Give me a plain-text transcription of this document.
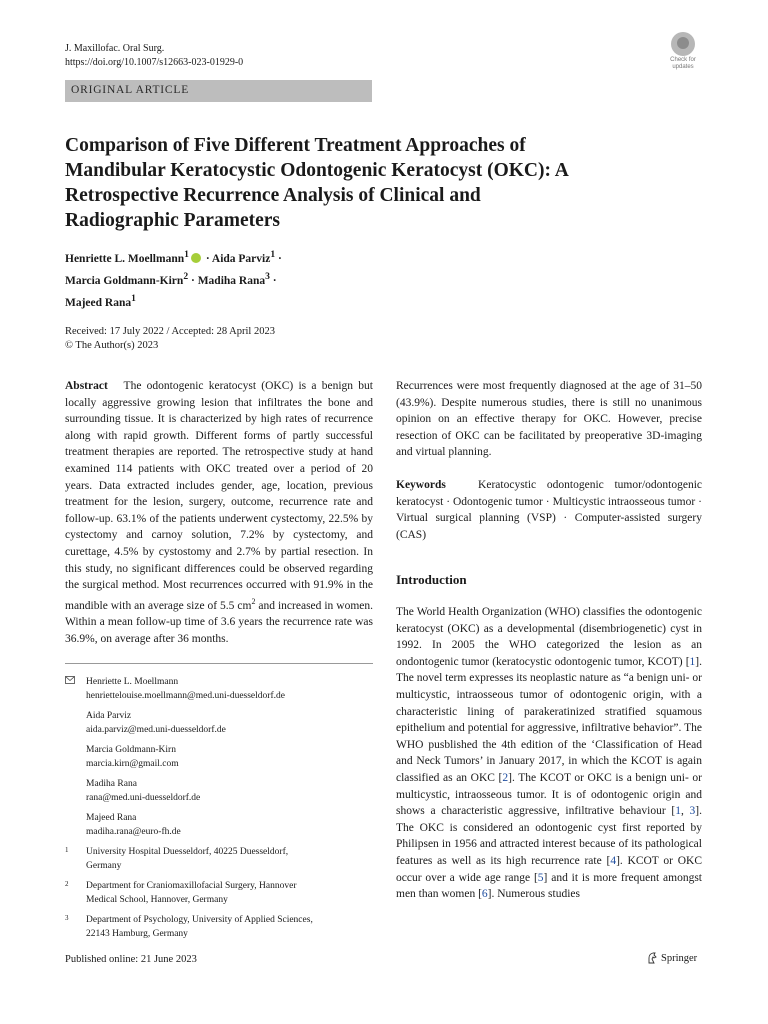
J. Maxillofac. Oral Surg.
https://doi.org/10.1007/s12663-023-01929-0	Check for
updates
ORIGINAL ARTICLE
Comparison of Five Different Treatment Approaches of Mandibular Keratocystic Odontogenic Keratocyst (OKC): A Retrospective Recurrence Analysis of Clinical and Radiographic Parameters
Henriette L. Moellmann$^1$ · Aida Parviz$^1$ ·
Marcia Goldmann-Kirn$^2$ · Madiha Rana$^3$ ·
Majeed Rana$^1$
Received: 17 July 2022 / Accepted: 28 April 2023
© The Author(s) 2023

Abstract The odontogenic keratocyst (OKC) is a benign but locally aggressive growing lesion that infiltrates the bone and surrounding tissue. It is characterized by high rates of recurrence along with rapid growth. Different forms of partly successful treatment therapies are reported. The retrospective study at hand examined 114 patients with OKC treated over a period of 20 years. Data extracted includes gender, age, location, previous treatment for the lesion, surgery, outcome, recurrence rate and follow-up. 63.1% of the patients underwent cystectomy, 22.5% by cystectomy and carnoy solution, 7.2% by cystectomy, and curettage, 4.5% by cystostomy and 2.7% by partial resection. In this study, no significant differences could be observed regarding the surgical method. Most recurrences occurred with 91.9% in the mandible with an average size of 5.5 $cm^2$ and increased in women. Within a mean follow-up time of 3.6 years the recurrence rate was 36.9%, on average after 36 months.

Henriette L. Moellmann
henriettelouise.moellmann@med.uni-duesseldorf.de
Aida Parviz
aida.parviz@med.uni-duesseldorf.de
Marcia Goldmann-Kirn
marcia.kirn@gmail.com
Madiha Rana
rana@med.uni-duesseldorf.de
Majeed Rana
madiha.rana@euro-fh.de
1 University Hospital Duesseldorf, 40225 Duesseldorf,
Germany
2 Department for Craniomaxillofacial Surgery, Hannover
Medical School, Hannover, Germany
3 Department of Psychology, University of Applied Sciences,
22143 Hamburg, Germany

Recurrences were most frequently diagnosed at the age of 31–50 (43.9%). Despite numerous studies, there is still no unanimous opinion on an effective therapy for OKC. However, precise resection of OKC can be facilitated by preoperative 3D-imaging and virtual planning.

Keywords	Keratocystic odontogenic tumor/odontogenic keratocyst · Odontogenic tumor · Multicystic intraosseous tumor · Virtual surgical planning (VSP) · Computer-assisted surgery (CAS)

Introduction

The World Health Organization (WHO) classifies the odontogenic keratocyst (OKC) as a developmental (disembriogenetic) cyst in 1992. In 2005 the WHO categorized the lesion as an ondontogenic tumor (keratocystic odontogenic tumor, KCOT) [1]. The novel term expresses its neoplastic nature as “a benign uni- or multicystic, intraosseous tumor of odontogenic origin, with a characteristic lining of parakeratinized stratified squamous epithelium and potential for aggressive, infiltrative behavior”. The WHO pusblished the 4th edition of the ‘Classification of Head and Neck Tumors’ in January 2017, in which the KCOT is again classified as an OKC [2]. The KCOT or OKC is a benign uni- or multicystic, intraosseous tumor. It is of odontogenic origin and shows a characteristic aggressive, infiltrative behaviour [1, 3]. The OKC is considered an odontogenic cyst first reported by Philipsen in 1956 and attracted interest because of its pathological features as well as its high recurrence rate [4]. KCOT or OKC occur over a wide age range [5] and it is more frequent amongst men than women [6]. Numerous studies

Published online: 21 June 2023	Springer
